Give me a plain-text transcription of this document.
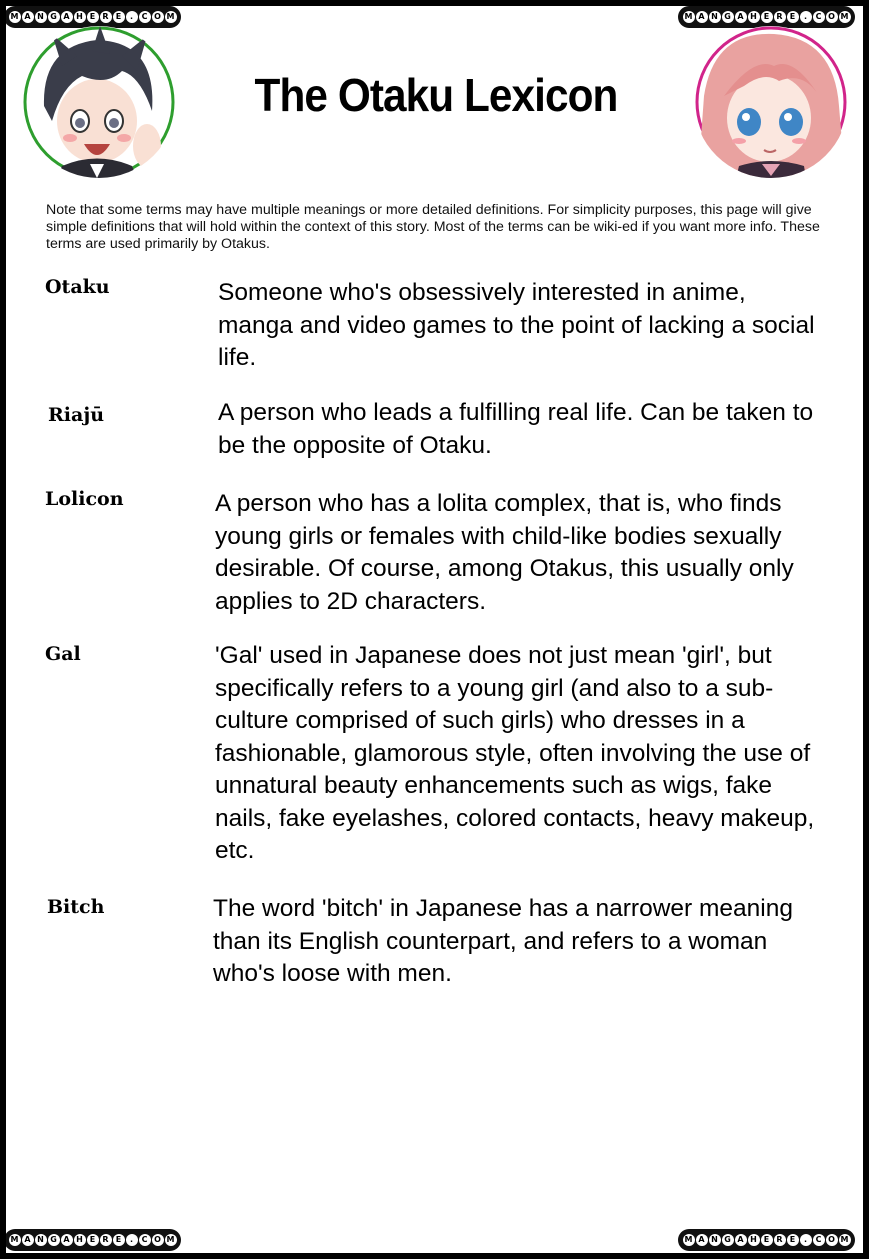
M A N G A H E R E	.	C O M	M A N G A H E R E	.	C O M
M A N G A H E R E	.	C O M	M A N G A H E R E	.	C O M
The Otaku Lexicon
Note that some terms may have multiple meanings or more detailed definitions. For simplicity purposes, this page will give simple definitions that will hold within the context of this story. Most of the terms can be wiki-ed if you want more info. These terms are used primarily by Otakus.
Otaku	Someone who's obsessively interested in anime, manga and video games to the point of lacking a social life.
Riajū	A person who leads a fulfilling real life. Can be taken to be the opposite of Otaku.
Lolicon	A person who has a lolita complex, that is, who finds young girls or females with child-like bodies sexually desirable. Of course, among Otakus, this usually only applies to 2D characters.
Gal	'Gal' used in Japanese does not just mean 'girl', but specifically refers to a young girl (and also to a sub-culture comprised of such girls) who dresses in a fashionable, glamorous style, often involving the use of unnatural beauty enhancements such as wigs, fake nails, fake eyelashes, colored contacts, heavy makeup, etc.
Bitch	The word 'bitch' in Japanese has a narrower meaning than its English counterpart, and refers to a woman who's loose with men.
